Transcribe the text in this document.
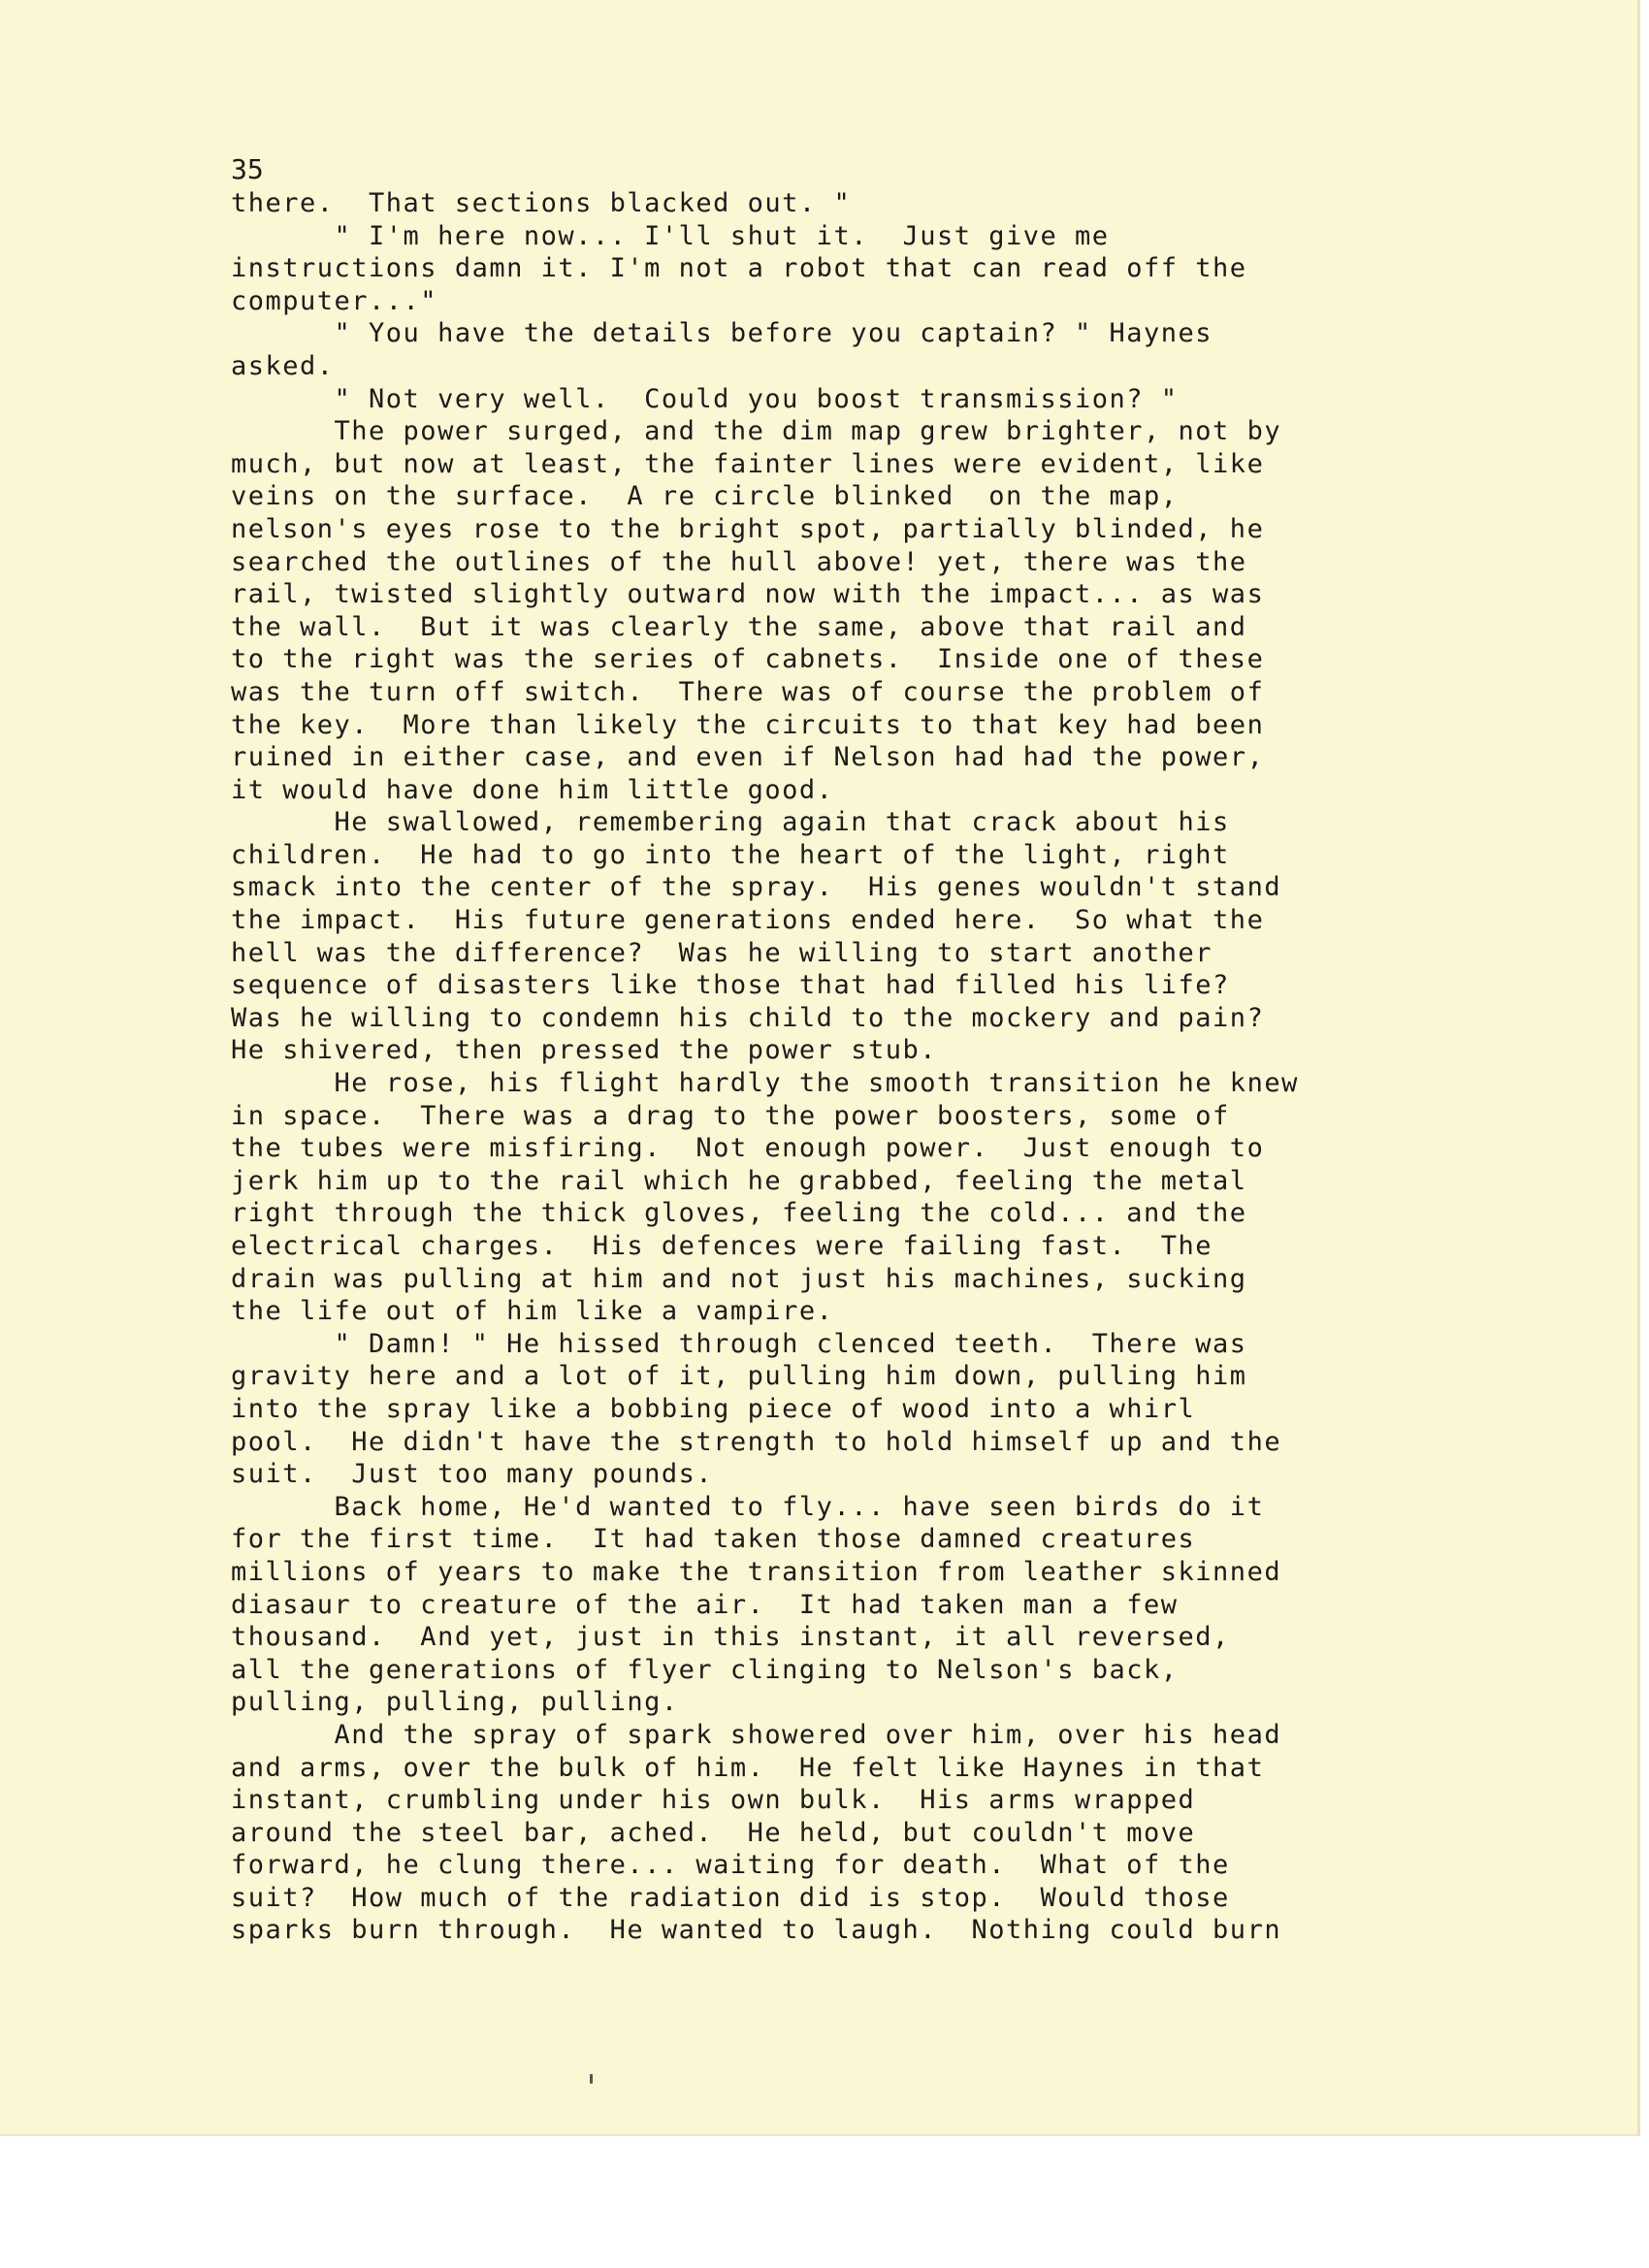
35

there.  That sections blacked out. "

" I'm here now... I'll shut it.  Just give me

instructions damn it. I'm not a robot that can read off the

computer..."

" You have the details before you captain? " Haynes

asked.

" Not very well.  Could you boost transmission? "

The power surged, and the dim map grew brighter, not by

much, but now at least, the fainter lines were evident, like

veins on the surface.  A re circle blinked  on the map,

nelson's eyes rose to the bright spot, partially blinded, he

searched the outlines of the hull above! yet, there was the

rail, twisted slightly outward now with the impact... as was

the wall.  But it was clearly the same, above that rail and

to the right was the series of cabnets.  Inside one of these

was the turn off switch.  There was of course the problem of

the key.  More than likely the circuits to that key had been

ruined in either case, and even if Nelson had had the power,

it would have done him little good.

He swallowed, remembering again that crack about his

children.  He had to go into the heart of the light, right

smack into the center of the spray.  His genes wouldn't stand

the impact.  His future generations ended here.  So what the

hell was the difference?  Was he willing to start another

sequence of disasters like those that had filled his life?

Was he willing to condemn his child to the mockery and pain?

He shivered, then pressed the power stub.

He rose, his flight hardly the smooth transition he knew

in space.  There was a drag to the power boosters, some of

the tubes were misfiring.  Not enough power.  Just enough to

jerk him up to the rail which he grabbed, feeling the metal

right through the thick gloves, feeling the cold... and the

electrical charges.  His defences were failing fast.  The

drain was pulling at him and not just his machines, sucking

the life out of him like a vampire.

" Damn! " He hissed through clenced teeth.  There was

gravity here and a lot of it, pulling him down, pulling him

into the spray like a bobbing piece of wood into a whirl

pool.  He didn't have the strength to hold himself up and the

suit.  Just too many pounds.

Back home, He'd wanted to fly... have seen birds do it

for the first time.  It had taken those damned creatures

millions of years to make the transition from leather skinned

diasaur to creature of the air.  It had taken man a few

thousand.  And yet, just in this instant, it all reversed,

all the generations of flyer clinging to Nelson's back,

pulling, pulling, pulling.

And the spray of spark showered over him, over his head

and arms, over the bulk of him.  He felt like Haynes in that

instant, crumbling under his own bulk.  His arms wrapped

around the steel bar, ached.  He held, but couldn't move

forward, he clung there... waiting for death.  What of the

suit?  How much of the radiation did is stop.  Would those

sparks burn through.  He wanted to laugh.  Nothing could burn
